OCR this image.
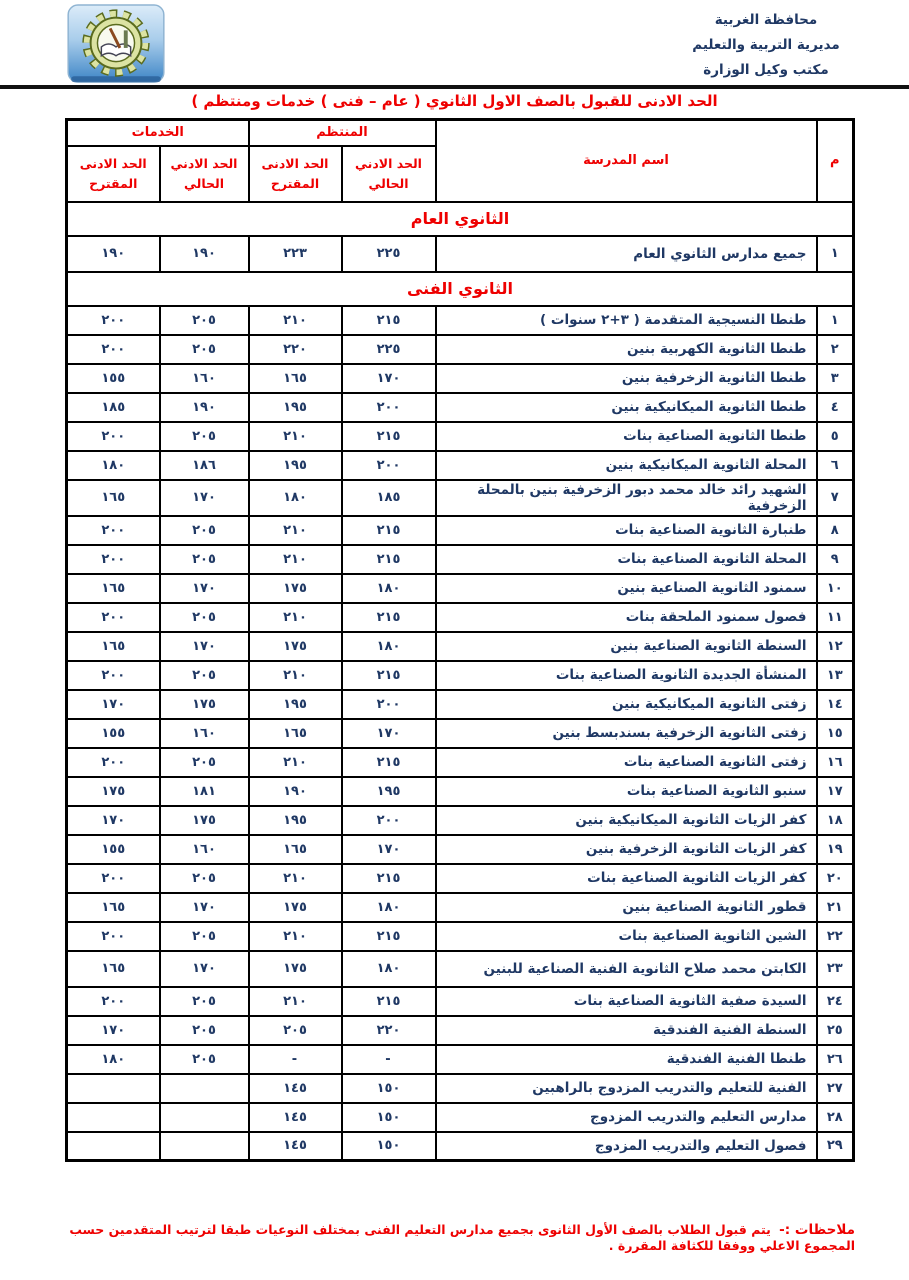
محافظة الغربية
مديرية التربية والتعليم
مكتب وكيل الوزارة
الحد الادنى للقبول بالصف الاول الثانوي ( عام – فنى ) خدمات ومنتظم )
م	اسم المدرسة	المنتظم		الخدمات	
		الحد الادني الحالي	الحد الادنى المقترح	الحد الادني الحالي	الحد الادنى المقترح
الثانوي العام					
١	جميع مدارس الثانوي العام	٢٢٥	٢٢٣	١٩٠	١٩٠
الثانوي الفنى					
١	طنطا النسيجية المتقدمة ( ٣+٢ سنوات )	٢١٥	٢١٠	٢٠٥	٢٠٠
٢	طنطا الثانوية الكهربية بنين	٢٢٥	٢٢٠	٢٠٥	٢٠٠
٣	طنطا الثانوية الزخرفية بنين	١٧٠	١٦٥	١٦٠	١٥٥
٤	طنطا الثانوية الميكانيكية بنين	٢٠٠	١٩٥	١٩٠	١٨٥
٥	طنطا الثانوية الصناعية بنات	٢١٥	٢١٠	٢٠٥	٢٠٠
٦	المحلة الثانوية الميكانيكية بنين	٢٠٠	١٩٥	١٨٦	١٨٠
٧	الشهيد رائد خالد محمد دبور الزخرفية بنين بالمحلة الزخرفية	١٨٥	١٨٠	١٧٠	١٦٥
٨	طنبارة الثانوية الصناعية بنات	٢١٥	٢١٠	٢٠٥	٢٠٠
٩	المحلة الثانوية الصناعية بنات	٢١٥	٢١٠	٢٠٥	٢٠٠
١٠	سمنود الثانوية الصناعية بنين	١٨٠	١٧٥	١٧٠	١٦٥
١١	فصول سمنود الملحقة بنات	٢١٥	٢١٠	٢٠٥	٢٠٠
١٢	السنطة الثانوية الصناعية بنين	١٨٠	١٧٥	١٧٠	١٦٥
١٣	المنشأة الجديدة الثانوية الصناعية بنات	٢١٥	٢١٠	٢٠٥	٢٠٠
١٤	زفتى الثانوية الميكانيكية بنين	٢٠٠	١٩٥	١٧٥	١٧٠
١٥	زفتى الثانوية الزخرفية بسندبسط بنين	١٧٠	١٦٥	١٦٠	١٥٥
١٦	زفتى الثانوية الصناعية بنات	٢١٥	٢١٠	٢٠٥	٢٠٠
١٧	سنبو الثانوية الصناعية بنات	١٩٥	١٩٠	١٨١	١٧٥
١٨	كفر الزيات الثانوية الميكانيكية بنين	٢٠٠	١٩٥	١٧٥	١٧٠
١٩	كفر الزيات الثانوية الزخرفية بنين	١٧٠	١٦٥	١٦٠	١٥٥
٢٠	كفر الزيات الثانوية الصناعية بنات	٢١٥	٢١٠	٢٠٥	٢٠٠
٢١	قطور الثانوية الصناعية بنين	١٨٠	١٧٥	١٧٠	١٦٥
٢٢	الشين الثانوية الصناعية بنات	٢١٥	٢١٠	٢٠٥	٢٠٠
٢٣	الكابتن محمد صلاح الثانوية الفنية الصناعية للبنين	١٨٠	١٧٥	١٧٠	١٦٥
٢٤	السيدة صفية الثانوية الصناعية بنات	٢١٥	٢١٠	٢٠٥	٢٠٠
٢٥	السنطة الفنية الفندقية	٢٢٠	٢٠٥	٢٠٥	١٧٠
٢٦	طنطا الفنية الفندقية	-	-	٢٠٥	١٨٠
٢٧	الفنية للتعليم والتدريب المزدوج بالراهبين	١٥٠	١٤٥		
٢٨	مدارس التعليم والتدريب المزدوج	١٥٠	١٤٥		
٢٩	فصول التعليم والتدريب المزدوج	١٥٠	١٤٥		
ملاحظات :- يتم قبول الطلاب بالصف الأول الثانوى بجميع مدارس التعليم الفنى بمختلف النوعيات طبقا لترتيب المتقدمين حسب المجموع الاعلي ووفقا للكثافة المقررة .
